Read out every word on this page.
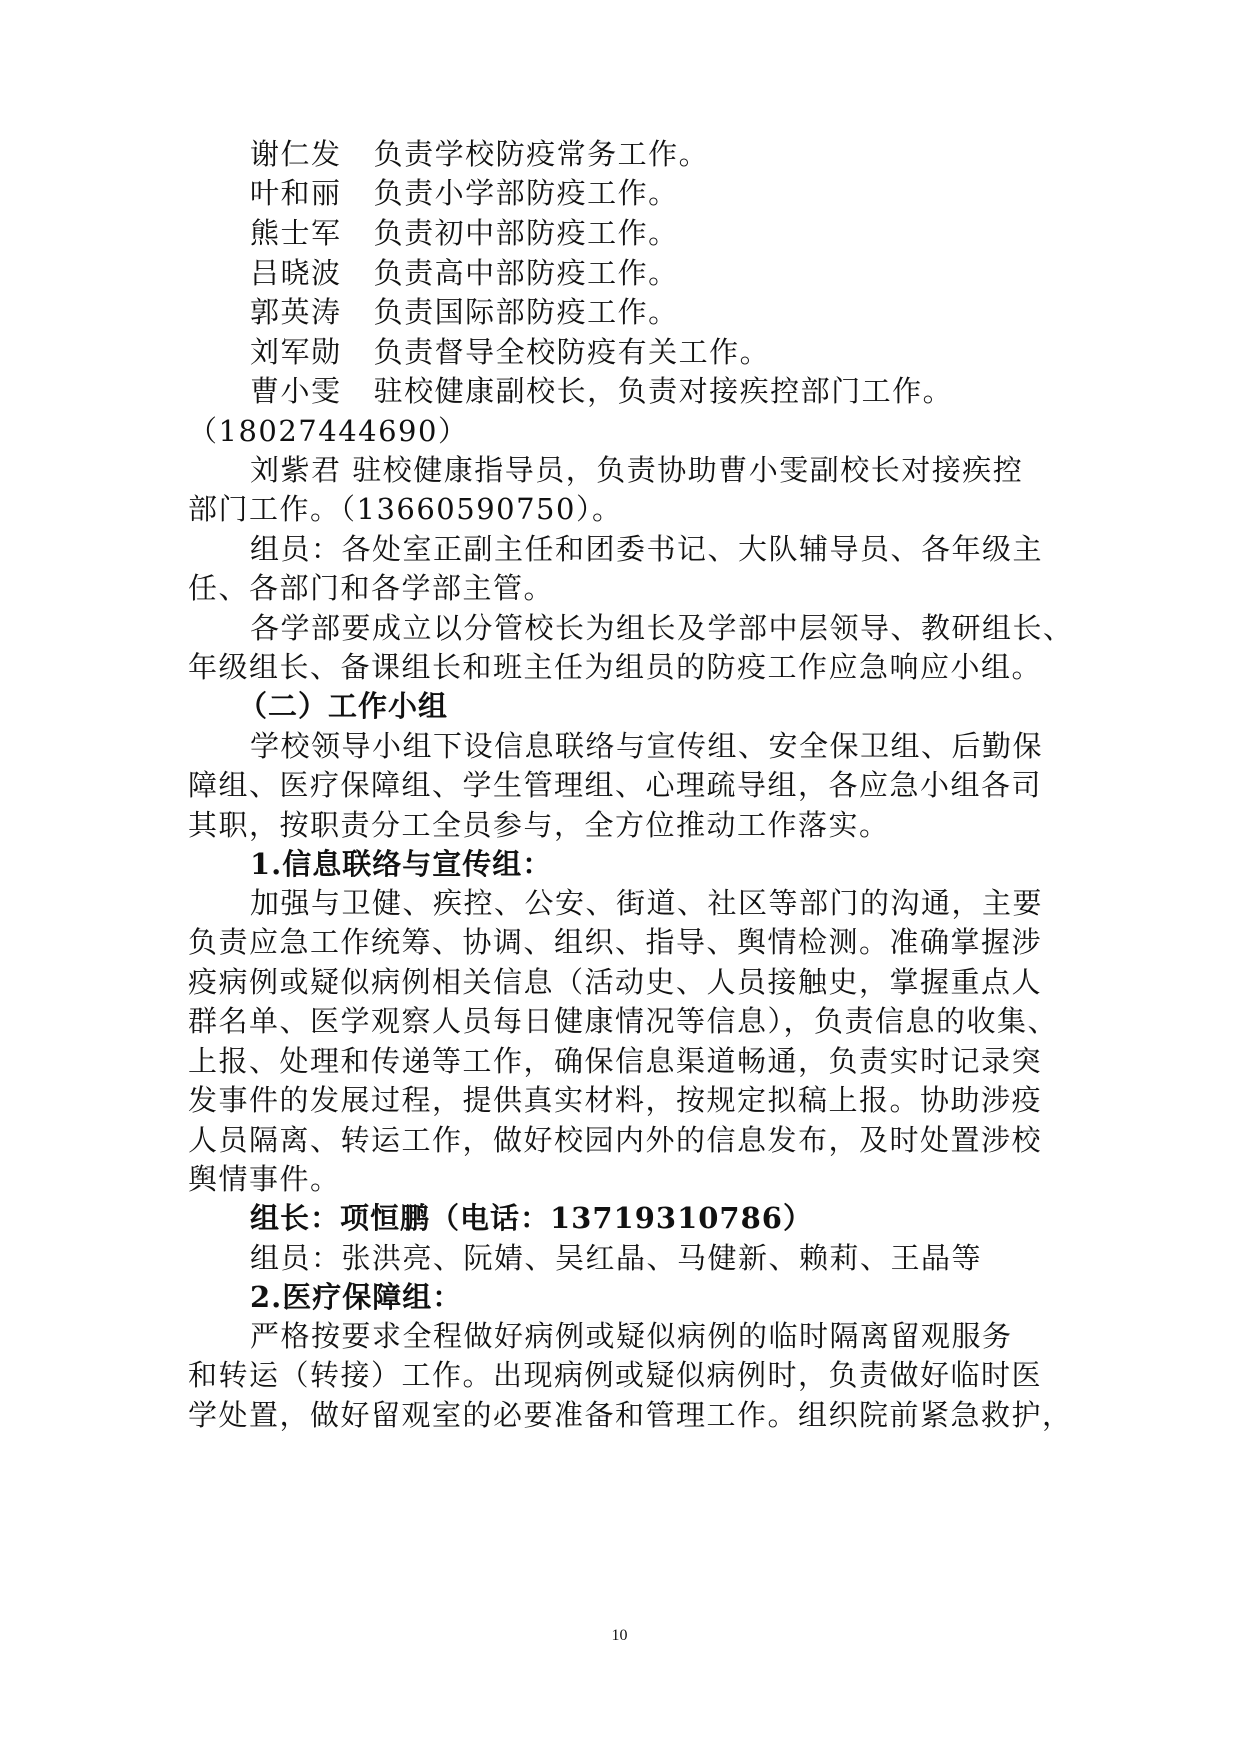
谢仁发   负责学校防疫常务工作。
叶和丽   负责小学部防疫工作。
熊士军   负责初中部防疫工作。
吕晓波   负责高中部防疫工作。
郭英涛   负责国际部防疫工作。
刘军勋   负责督导全校防疫有关工作。
曹小雯   驻校健康副校长，负责对接疾控部门工作。
（18027444690）
刘紫君 驻校健康指导员，负责协助曹小雯副校长对接疾控
部门工作。（13660590750）。
组员：各处室正副主任和团委书记、大队辅导员、各年级主
任、各部门和各学部主管。
各学部要成立以分管校长为组长及学部中层领导、教研组长、
年级组长、备课组长和班主任为组员的防疫工作应急响应小组。
（二）工作小组
学校领导小组下设信息联络与宣传组、安全保卫组、后勤保
障组、医疗保障组、学生管理组、心理疏导组，各应急小组各司
其职，按职责分工全员参与，全方位推动工作落实。
1.信息联络与宣传组：
加强与卫健、疾控、公安、街道、社区等部门的沟通，主要
负责应急工作统筹、协调、组织、指导、舆情检测。准确掌握涉
疫病例或疑似病例相关信息（活动史、人员接触史，掌握重点人
群名单、医学观察人员每日健康情况等信息），负责信息的收集、
上报、处理和传递等工作，确保信息渠道畅通，负责实时记录突
发事件的发展过程，提供真实材料，按规定拟稿上报。协助涉疫
人员隔离、转运工作，做好校园内外的信息发布，及时处置涉校
舆情事件。
组长：项恒鹏（电话：13719310786）
组员：张洪亮、阮婧、吴红晶、马健新、赖莉、王晶等
2.医疗保障组：
严格按要求全程做好病例或疑似病例的临时隔离留观服务
和转运（转接）工作。出现病例或疑似病例时，负责做好临时医
学处置，做好留观室的必要准备和管理工作。组织院前紧急救护，
10
